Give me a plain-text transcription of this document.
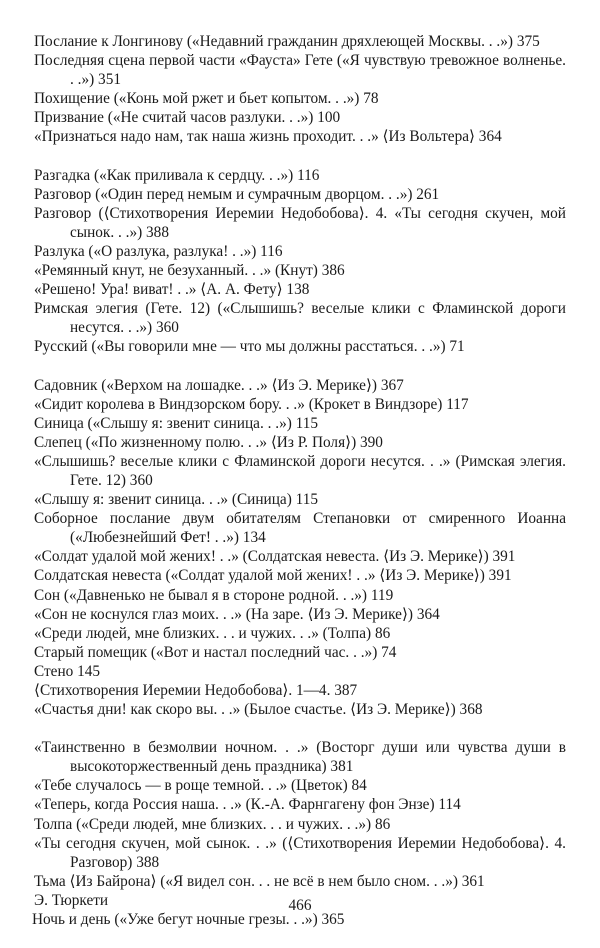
Послание к Лонгинову («Недавний гражданин дряхлеющей Москвы. . .») 375
Последняя сцена первой части «Фауста» Гете («Я чувствую тревожное волненье. . .») 351
Похищение («Конь мой ржет и бьет копытом. . .») 78
Призвание («Не считай часов разлуки. . .») 100
«Признаться надо нам, так наша жизнь проходит. . .» ⟨Из Вольтера⟩ 364
Разгадка («Как приливала к сердцу. . .») 116
Разговор («Один перед немым и сумрачным дворцом. . .») 261
Разговор (⟨Стихотворения Иеремии Недобобова⟩. 4. «Ты сегодня скучен, мой сынок. . .») 388
Разлука («О разлука, разлука! . .») 116
«Ремянный кнут, не безуханный. . .» (Кнут) 386
«Решено! Ура! виват! . .» ⟨А. А. Фету⟩ 138
Римская элегия (Гете. 12) («Слышишь? веселые клики с Фламинской дороги несутся. . .») 360
Русский («Вы говорили мне — что мы должны расстаться. . .») 71
Садовник («Верхом на лошадке. . .» ⟨Из Э. Мерике⟩) 367
«Сидит королева в Виндзорском бору. . .» (Крокет в Виндзоре) 117
Синица («Слышу я: звенит синица. . .») 115
Слепец («По жизненному полю. . .» ⟨Из Р. Поля⟩) 390
«Слышишь? веселые клики с Фламинской дороги несутся. . .» (Римская элегия. Гете. 12) 360
«Слышу я: звенит синица. . .» (Синица) 115
Соборное послание двум обитателям Степановки от смиренного Иоанна («Любезнейший Фет! . .») 134
«Солдат удалой мой жених! . .» (Солдатская невеста. ⟨Из Э. Мерике⟩) 391
Солдатская невеста («Солдат удалой мой жених! . .» ⟨Из Э. Мерике⟩) 391
Сон («Давненько не бывал я в стороне родной. . .») 119
«Сон не коснулся глаз моих. . .» (На заре. ⟨Из Э. Мерике⟩) 364
«Среди людей, мне близких. . . и чужих. . .» (Толпа) 86
Старый помещик («Вот и настал последний час. . .») 74
Стено 145
⟨Стихотворения Иеремии Недобобова⟩. 1—4. 387
«Счастья дни! как скоро вы. . .» (Былое счастье. ⟨Из Э. Мерике⟩) 368
«Таинственно в безмолвии ночном. . .» (Восторг души или чувства души в высокоторжественный день праздника) 381
«Тебе случалось — в роще темной. . .» (Цветок) 84
«Теперь, когда Россия наша. . .» (К.-А. Фарнгагену фон Энзе) 114
Толпа («Среди людей, мне близких. . . и чужих. . .») 86
«Ты сегодня скучен, мой сынок. . .» (⟨Стихотворения Иеремии Недобобова⟩. 4. Разговор) 388
Тьма ⟨Из Байрона⟩ («Я видел сон. . . не всё в нем было сном. . .») 361
Э. Тюркети
Ночь и день («Уже бегут ночные грезы. . .») 365
466
